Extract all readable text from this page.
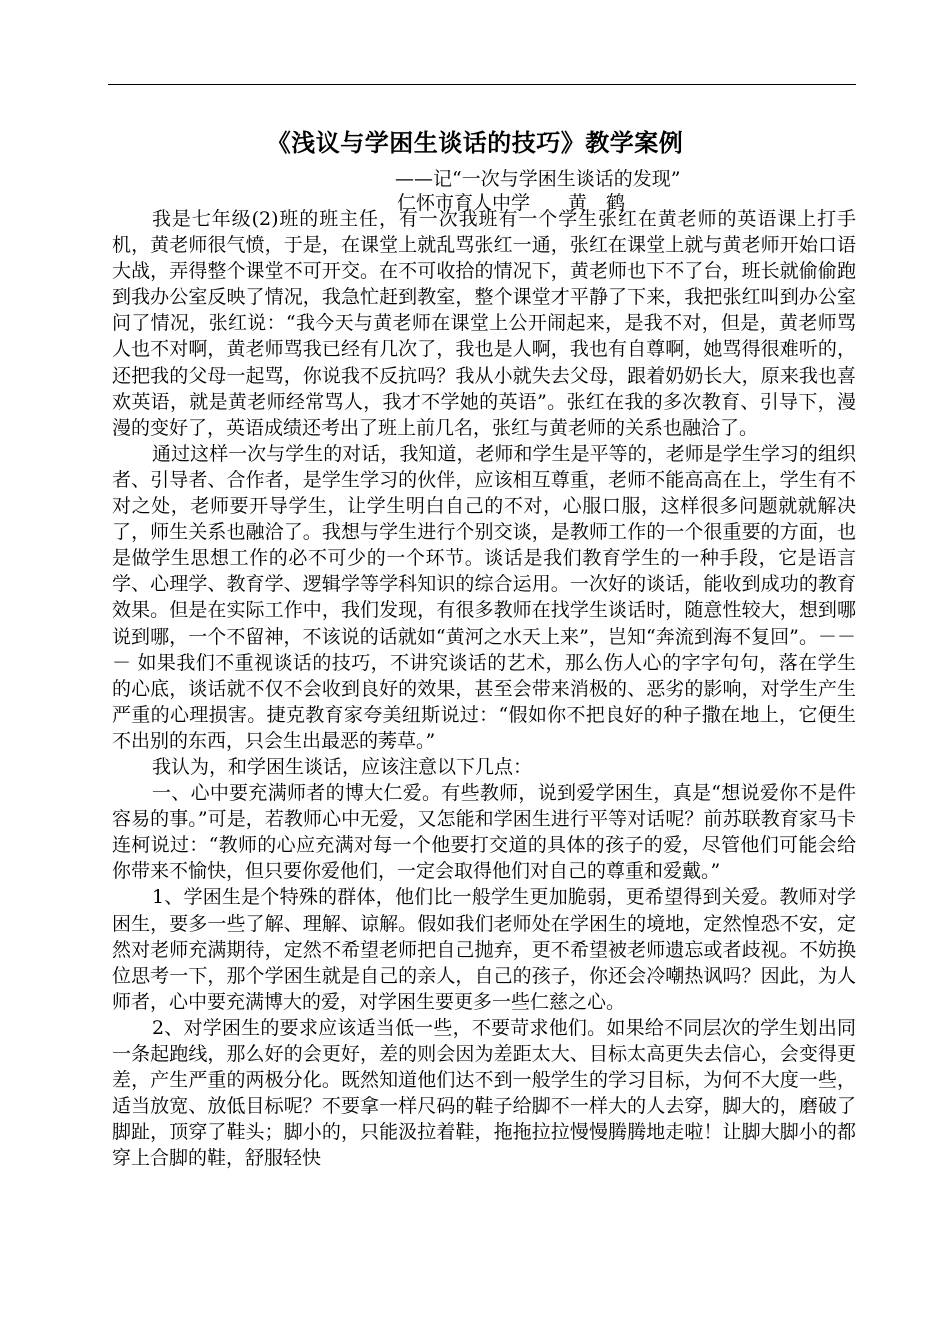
《浅议与学困生谈话的技巧》教学案例
——记“一次与学困生谈话的发现”
仁怀市育人中学　　黄　鹤

我是七年级(2)班的班主任，有一次我班有一个学生张红在黄老师的英语课上打手机，黄老师很气愤，于是，在课堂上就乱骂张红一通，张红在课堂上就与黄老师开始口语大战，弄得整个课堂不可开交。在不可收拾的情况下，黄老师也下不了台，班长就偷偷跑到我办公室反映了情况，我急忙赶到教室，整个课堂才平静了下来，我把张红叫到办公室问了情况，张红说：“我今天与黄老师在课堂上公开闹起来，是我不对，但是，黄老师骂人也不对啊，黄老师骂我已经有几次了，我也是人啊，我也有自尊啊，她骂得很难听的，还把我的父母一起骂，你说我不反抗吗？我从小就失去父母，跟着奶奶长大，原来我也喜欢英语，就是黄老师经常骂人，我才不学她的英语”。张红在我的多次教育、引导下，漫漫的变好了，英语成绩还考出了班上前几名，张红与黄老师的关系也融洽了。

通过这样一次与学生的对话，我知道，老师和学生是平等的，老师是学生学习的组织者、引导者、合作者，是学生学习的伙伴，应该相互尊重，老师不能高高在上，学生有不对之处，老师要开导学生，让学生明白自己的不对，心服口服，这样很多问题就就解决了，师生关系也融洽了。我想与学生进行个别交谈，是教师工作的一个很重要的方面，也是做学生思想工作的必不可少的一个环节。谈话是我们教育学生的一种手段，它是语言学、心理学、教育学、逻辑学等学科知识的综合运用。一次好的谈话，能收到成功的教育效果。但是在实际工作中，我们发现，有很多教师在找学生谈话时，随意性较大，想到哪说到哪，一个不留神，不该说的话就如“黄河之水天上来”，岂知“奔流到海不复回”。－－－ 如果我们不重视谈话的技巧，不讲究谈话的艺术，那么伤人心的字字句句，落在学生的心底，谈话就不仅不会收到良好的效果，甚至会带来消极的、恶劣的影响，对学生产生严重的心理损害。捷克教育家夸美纽斯说过：“假如你不把良好的种子撒在地上，它便生不出别的东西，只会生出最恶的莠草。”

我认为，和学困生谈话，应该注意以下几点：

一、心中要充满师者的博大仁爱。有些教师，说到爱学困生，真是“想说爱你不是件容易的事。”可是，若教师心中无爱，又怎能和学困生进行平等对话呢？前苏联教育家马卡连柯说过：“教师的心应充满对每一个他要打交道的具体的孩子的爱，尽管他们可能会给你带来不愉快，但只要你爱他们，一定会取得他们对自己的尊重和爱戴。”

1、学困生是个特殊的群体，他们比一般学生更加脆弱，更希望得到关爱。教师对学困生，要多一些了解、理解、谅解。假如我们老师处在学困生的境地，定然惶恐不安，定然对老师充满期待，定然不希望老师把自己抛弃，更不希望被老师遗忘或者歧视。不妨换位思考一下，那个学困生就是自己的亲人，自己的孩子，你还会冷嘲热讽吗？因此，为人师者，心中要充满博大的爱，对学困生要更多一些仁慈之心。

2、对学困生的要求应该适当低一些，不要苛求他们。如果给不同层次的学生划出同一条起跑线，那么好的会更好，差的则会因为差距太大、目标太高更失去信心，会变得更差，产生严重的两极分化。既然知道他们达不到一般学生的学习目标，为何不大度一些，适当放宽、放低目标呢？不要拿一样尺码的鞋子给脚不一样大的人去穿，脚大的，磨破了脚趾，顶穿了鞋头；脚小的，只能汲拉着鞋，拖拖拉拉慢慢腾腾地走啦！让脚大脚小的都穿上合脚的鞋，舒服轻快
